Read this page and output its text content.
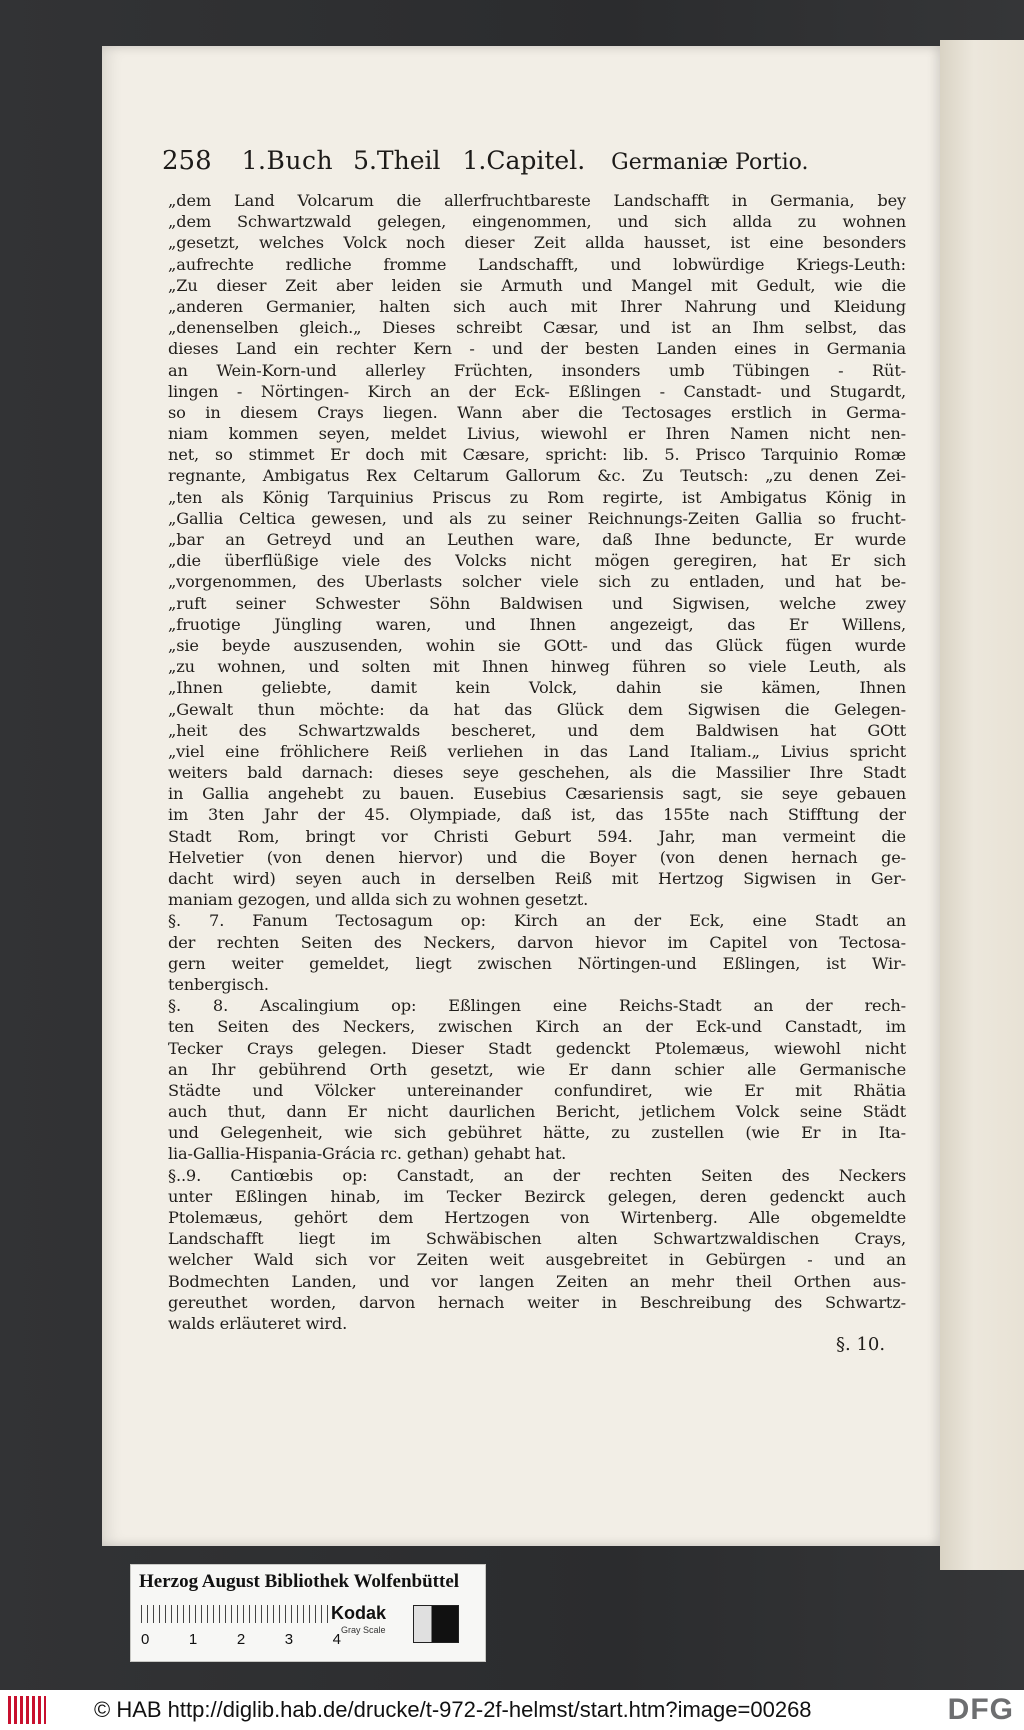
258 1.Buch 5.Theil 1.Capitel. Germaniæ Portio.
„dem Land Volcarum die allerfruchtbareste Landschafft in Germania, bey
„dem Schwartzwald gelegen, eingenommen, und sich allda zu wohnen
„gesetzt, welches Volck noch dieser Zeit allda hausset, ist eine besonders
„aufrechte redliche fromme Landschafft, und lobwürdige Kriegs-Leuth:
„Zu dieser Zeit aber leiden sie Armuth und Mangel mit Gedult, wie die
„anderen Germanier, halten sich auch mit Ihrer Nahrung und Kleidung
„denenselben gleich.„ Dieses schreibt Cæsar, und ist an Ihm selbst, das
dieses Land ein rechter Kern - und der besten Landen eines in Germania
an Wein-Korn-und allerley Früchten, insonders umb Tübingen - Rüt-
lingen - Nörtingen- Kirch an der Eck- Eßlingen - Canstadt- und Stugardt,
so in diesem Crays liegen. Wann aber die Tectosages erstlich in Germa-
niam kommen seyen, meldet Livius, wiewohl er Ihren Namen nicht nen-
net, so stimmet Er doch mit Cæsare, spricht: lib. 5. Prisco Tarquinio Romæ
regnante, Ambigatus Rex Celtarum Gallorum &c. Zu Teutsch: „zu denen Zei-
„ten als König Tarquinius Priscus zu Rom regirte, ist Ambigatus König in
„Gallia Celtica gewesen, und als zu seiner Reichnungs-Zeiten Gallia so frucht-
„bar an Getreyd und an Leuthen ware, daß Ihne beduncte, Er wurde
„die überflüßige viele des Volcks nicht mögen geregiren, hat Er sich
„vorgenommen, des Uberlasts solcher viele sich zu entladen, und hat be-
„ruft seiner Schwester Söhn Baldwisen und Sigwisen, welche zwey
„fruotige Jüngling waren, und Ihnen angezeigt, das Er Willens,
„sie beyde auszusenden, wohin sie GOtt- und das Glück fügen wurde
„zu wohnen, und solten mit Ihnen hinweg führen so viele Leuth, als
„Ihnen geliebte, damit kein Volck, dahin sie kämen, Ihnen
„Gewalt thun möchte: da hat das Glück dem Sigwisen die Gelegen-
„heit des Schwartzwalds bescheret, und dem Baldwisen hat GOtt
„viel eine fröhlichere Reiß verliehen in das Land Italiam.„ Livius spricht
weiters bald darnach: dieses seye geschehen, als die Massilier Ihre Stadt
in Gallia angehebt zu bauen. Eusebius Cæsariensis sagt, sie seye gebauen
im 3ten Jahr der 45. Olympiade, daß ist, das 155te nach Stifftung der
Stadt Rom, bringt vor Christi Geburt 594. Jahr, man vermeint die
Helvetier (von denen hiervor) und die Boyer (von denen hernach ge-
dacht wird) seyen auch in derselben Reiß mit Hertzog Sigwisen in Ger-
maniam gezogen, und allda sich zu wohnen gesetzt.
§. 7. Fanum Tectosagum op: Kirch an der Eck, eine Stadt an
der rechten Seiten des Neckers, darvon hievor im Capitel von Tectosa-
gern weiter gemeldet, liegt zwischen Nörtingen-und Eßlingen, ist Wir-
tenbergisch.
§. 8. Ascalingium op: Eßlingen eine Reichs-Stadt an der rech-
ten Seiten des Neckers, zwischen Kirch an der Eck-und Canstadt, im
Tecker Crays gelegen. Dieser Stadt gedenckt Ptolemæus, wiewohl nicht
an Ihr gebührend Orth gesetzt, wie Er dann schier alle Germanische
Städte und Völcker untereinander confundiret, wie Er mit Rhätia
auch thut, dann Er nicht daurlichen Bericht, jetlichem Volck seine Städt
und Gelegenheit, wie sich gebühret hätte, zu zustellen (wie Er in Ita-
lia-Gallia-Hispania-Grácia rc. gethan) gehabt hat.
§..9. Cantiœbis op: Canstadt, an der rechten Seiten des Neckers
unter Eßlingen hinab, im Tecker Bezirck gelegen, deren gedenckt auch
Ptolemæus, gehört dem Hertzogen von Wirtenberg. Alle obgemeldte
Landschafft liegt im Schwäbischen alten Schwartzwaldischen Crays,
welcher Wald sich vor Zeiten weit ausgebreitet in Gebürgen - und an
Bodmechten Landen, und vor langen Zeiten an mehr theil Orthen aus-
gereuthet worden, darvon hernach weiter in Beschreibung des Schwartz-
walds erläuteret wird.
§. 10.
Herzog August Bibliothek Wolfenbüttel
0	1	2	3	4
Kodak
Gray Scale
© HAB http://diglib.hab.de/drucke/t-972-2f-helmst/start.htm?image=00268	DFG
